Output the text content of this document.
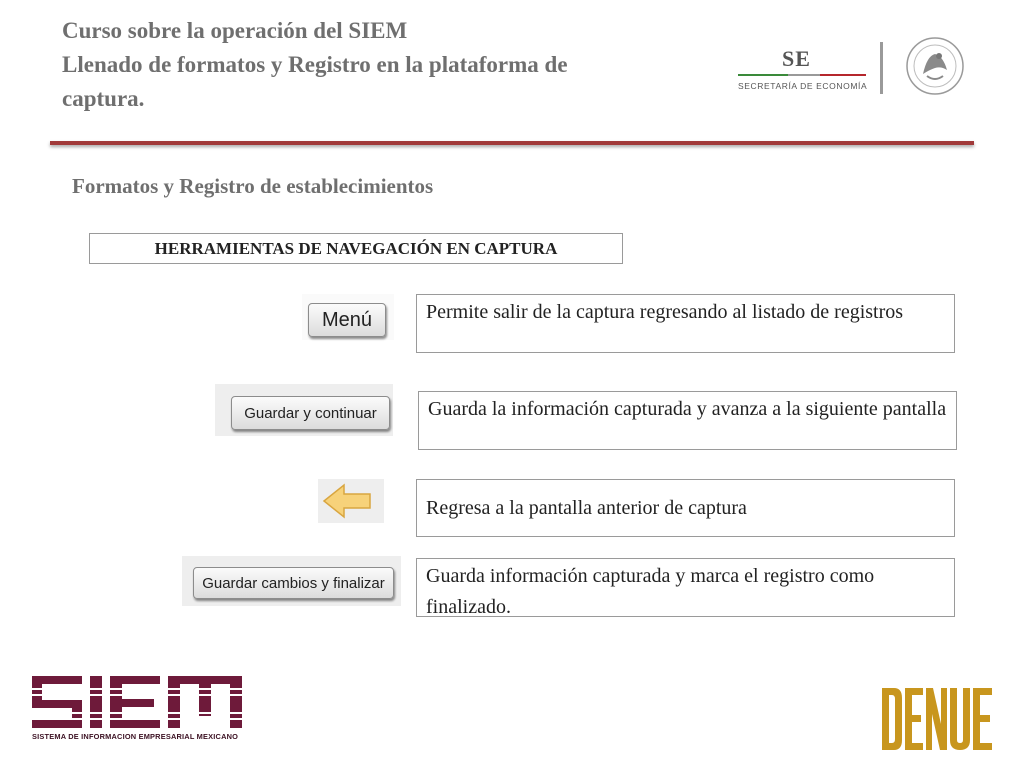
Curso sobre la operación del SIEM
Llenado de formatos y Registro en la plataforma de
captura.
SE
SECRETARÍA DE ECONOMÍA
Formatos y Registro de establecimientos
HERRAMIENTAS DE NAVEGACIÓN EN CAPTURA
Menú	Permite salir de la captura regresando al listado de registros
Guardar y continuar	Guarda la información capturada y avanza a la siguiente pantalla
Regresa a la pantalla anterior de captura
Guardar cambios y finalizar	Guarda información capturada y marca el registro como finalizado.
SISTEMA DE INFORMACION EMPRESARIAL MEXICANO
